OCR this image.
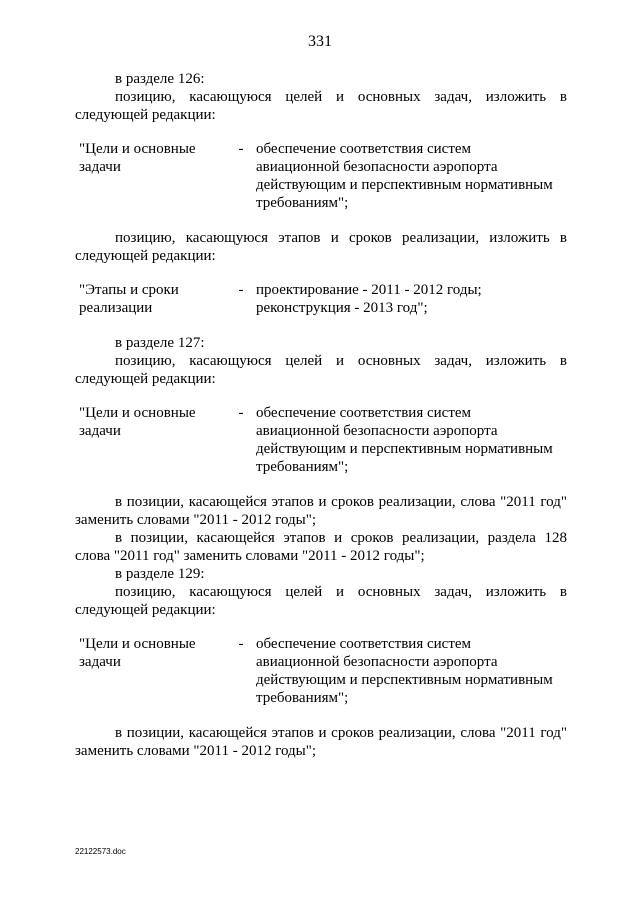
331

в разделе 126:

позицию, касающуюся целей и основных задач, изложить в

следующей редакции:

"Цели и основные
задачи
- обеспечение соответствия систем
авиационной безопасности аэропорта
действующим и перспективным нормативным
требованиям";

позицию, касающуюся этапов и сроков реализации, изложить в

следующей редакции:

"Этапы и сроки
реализации
- проектирование - 2011 - 2012 годы;
реконструкция - 2013 год";

в разделе 127:

позицию, касающуюся целей и основных задач, изложить в

следующей редакции:

"Цели и основные
задачи
- обеспечение соответствия систем
авиационной безопасности аэропорта
действующим и перспективным нормативным
требованиям";

в позиции, касающейся этапов и сроков реализации, слова "2011 год" заменить словами "2011 - 2012 годы";

в позиции, касающейся этапов и сроков реализации, раздела 128 слова "2011 год" заменить словами "2011 - 2012 годы";

в разделе 129:

позицию, касающуюся целей и основных задач, изложить в

следующей редакции:

"Цели и основные
задачи
- обеспечение соответствия систем
авиационной безопасности аэропорта
действующим и перспективным нормативным
требованиям";

в позиции, касающейся этапов и сроков реализации, слова "2011 год" заменить словами "2011 - 2012 годы";

22122573.doc
